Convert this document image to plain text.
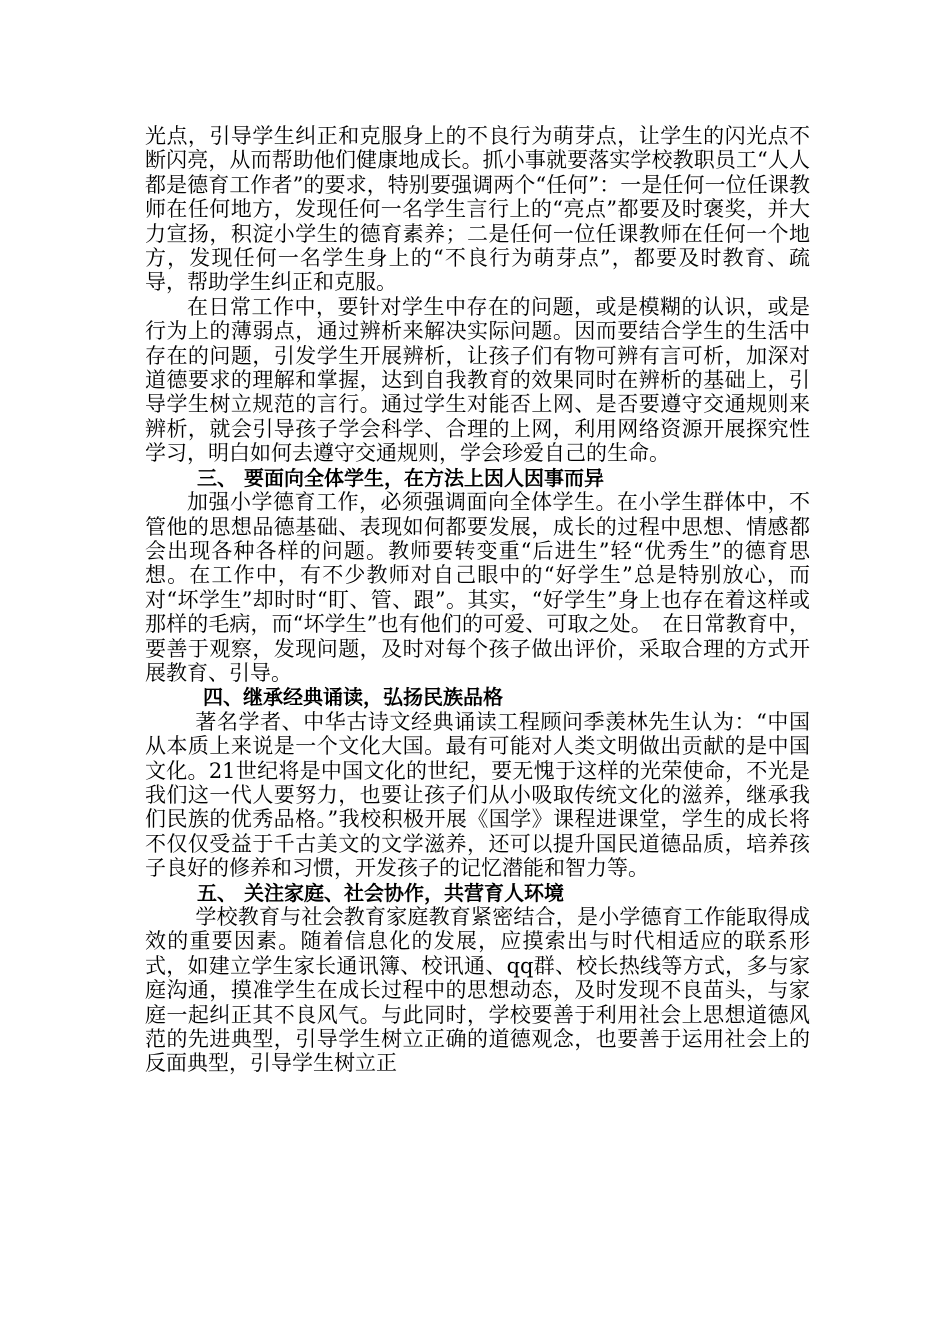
光点，引导学生纠正和克服身上的不良行为萌芽点，让学生的闪光点不断闪亮，从而帮助他们健康地成长。抓小事就要落实学校教职员工“人人都是德育工作者”的要求，特别要强调两个“任何”：一是任何一位任课教师在任何地方，发现任何一名学生言行上的“亮点”都要及时褒奖，并大力宣扬，积淀小学生的德育素养；二是任何一位任课教师在任何一个地方，发现任何一名学生身上的“不良行为萌芽点”，都要及时教育、疏导，帮助学生纠正和克服。

在日常工作中，要针对学生中存在的问题，或是模糊的认识，或是行为上的薄弱点，通过辨析来解决实际问题。因而要结合学生的生活中存在的问题，引发学生开展辨析，让孩子们有物可辨有言可析，加深对道德要求的理解和掌握，达到自我教育的效果同时在辨析的基础上，引导学生树立规范的言行。通过学生对能否上网、是否要遵守交通规则来辨析，就会引导孩子学会科学、合理的上网，利用网络资源开展探究性学习，明白如何去遵守交通规则，学会珍爱自己的生命。

三、 要面向全体学生，在方法上因人因事而异

加强小学德育工作，必须强调面向全体学生。在小学生群体中，不管他的思想品德基础、表现如何都要发展，成长的过程中思想、情感都会出现各种各样的问题。教师要转变重“后进生”轻“优秀生”的德育思想。在工作中，有不少教师对自己眼中的“好学生”总是特别放心，而对“坏学生”却时时“盯、管、跟”。其实，“好学生”身上也存在着这样或那样的毛病，而“坏学生”也有他们的可爱、可取之处。　在日常教育中，要善于观察，发现问题，及时对每个孩子做出评价，采取合理的方式开展教育、引导。

四、继承经典诵读，弘扬民族品格

著名学者、中华古诗文经典诵读工程顾问季羡林先生认为：“中国从本质上来说是一个文化大国。最有可能对人类文明做出贡献的是中国文化。21世纪将是中国文化的世纪，要无愧于这样的光荣使命，不光是我们这一代人要努力，也要让孩子们从小吸取传统文化的滋养，继承我们民族的优秀品格。”我校积极开展《国学》课程进课堂，学生的成长将不仅仅受益于千古美文的文学滋养，还可以提升国民道德品质，培养孩子良好的修养和习惯，开发孩子的记忆潜能和智力等。

五、 关注家庭、社会协作，共营育人环境

学校教育与社会教育家庭教育紧密结合，是小学德育工作能取得成效的重要因素。随着信息化的发展，应摸索出与时代相适应的联系形式，如建立学生家长通讯簿、校讯通、qq群、校长热线等方式，多与家庭沟通，摸准学生在成长过程中的思想动态，及时发现不良苗头，与家庭一起纠正其不良风气。与此同时，学校要善于利用社会上思想道德风范的先进典型，引导学生树立正确的道德观念，也要善于运用社会上的反面典型，引导学生树立正
